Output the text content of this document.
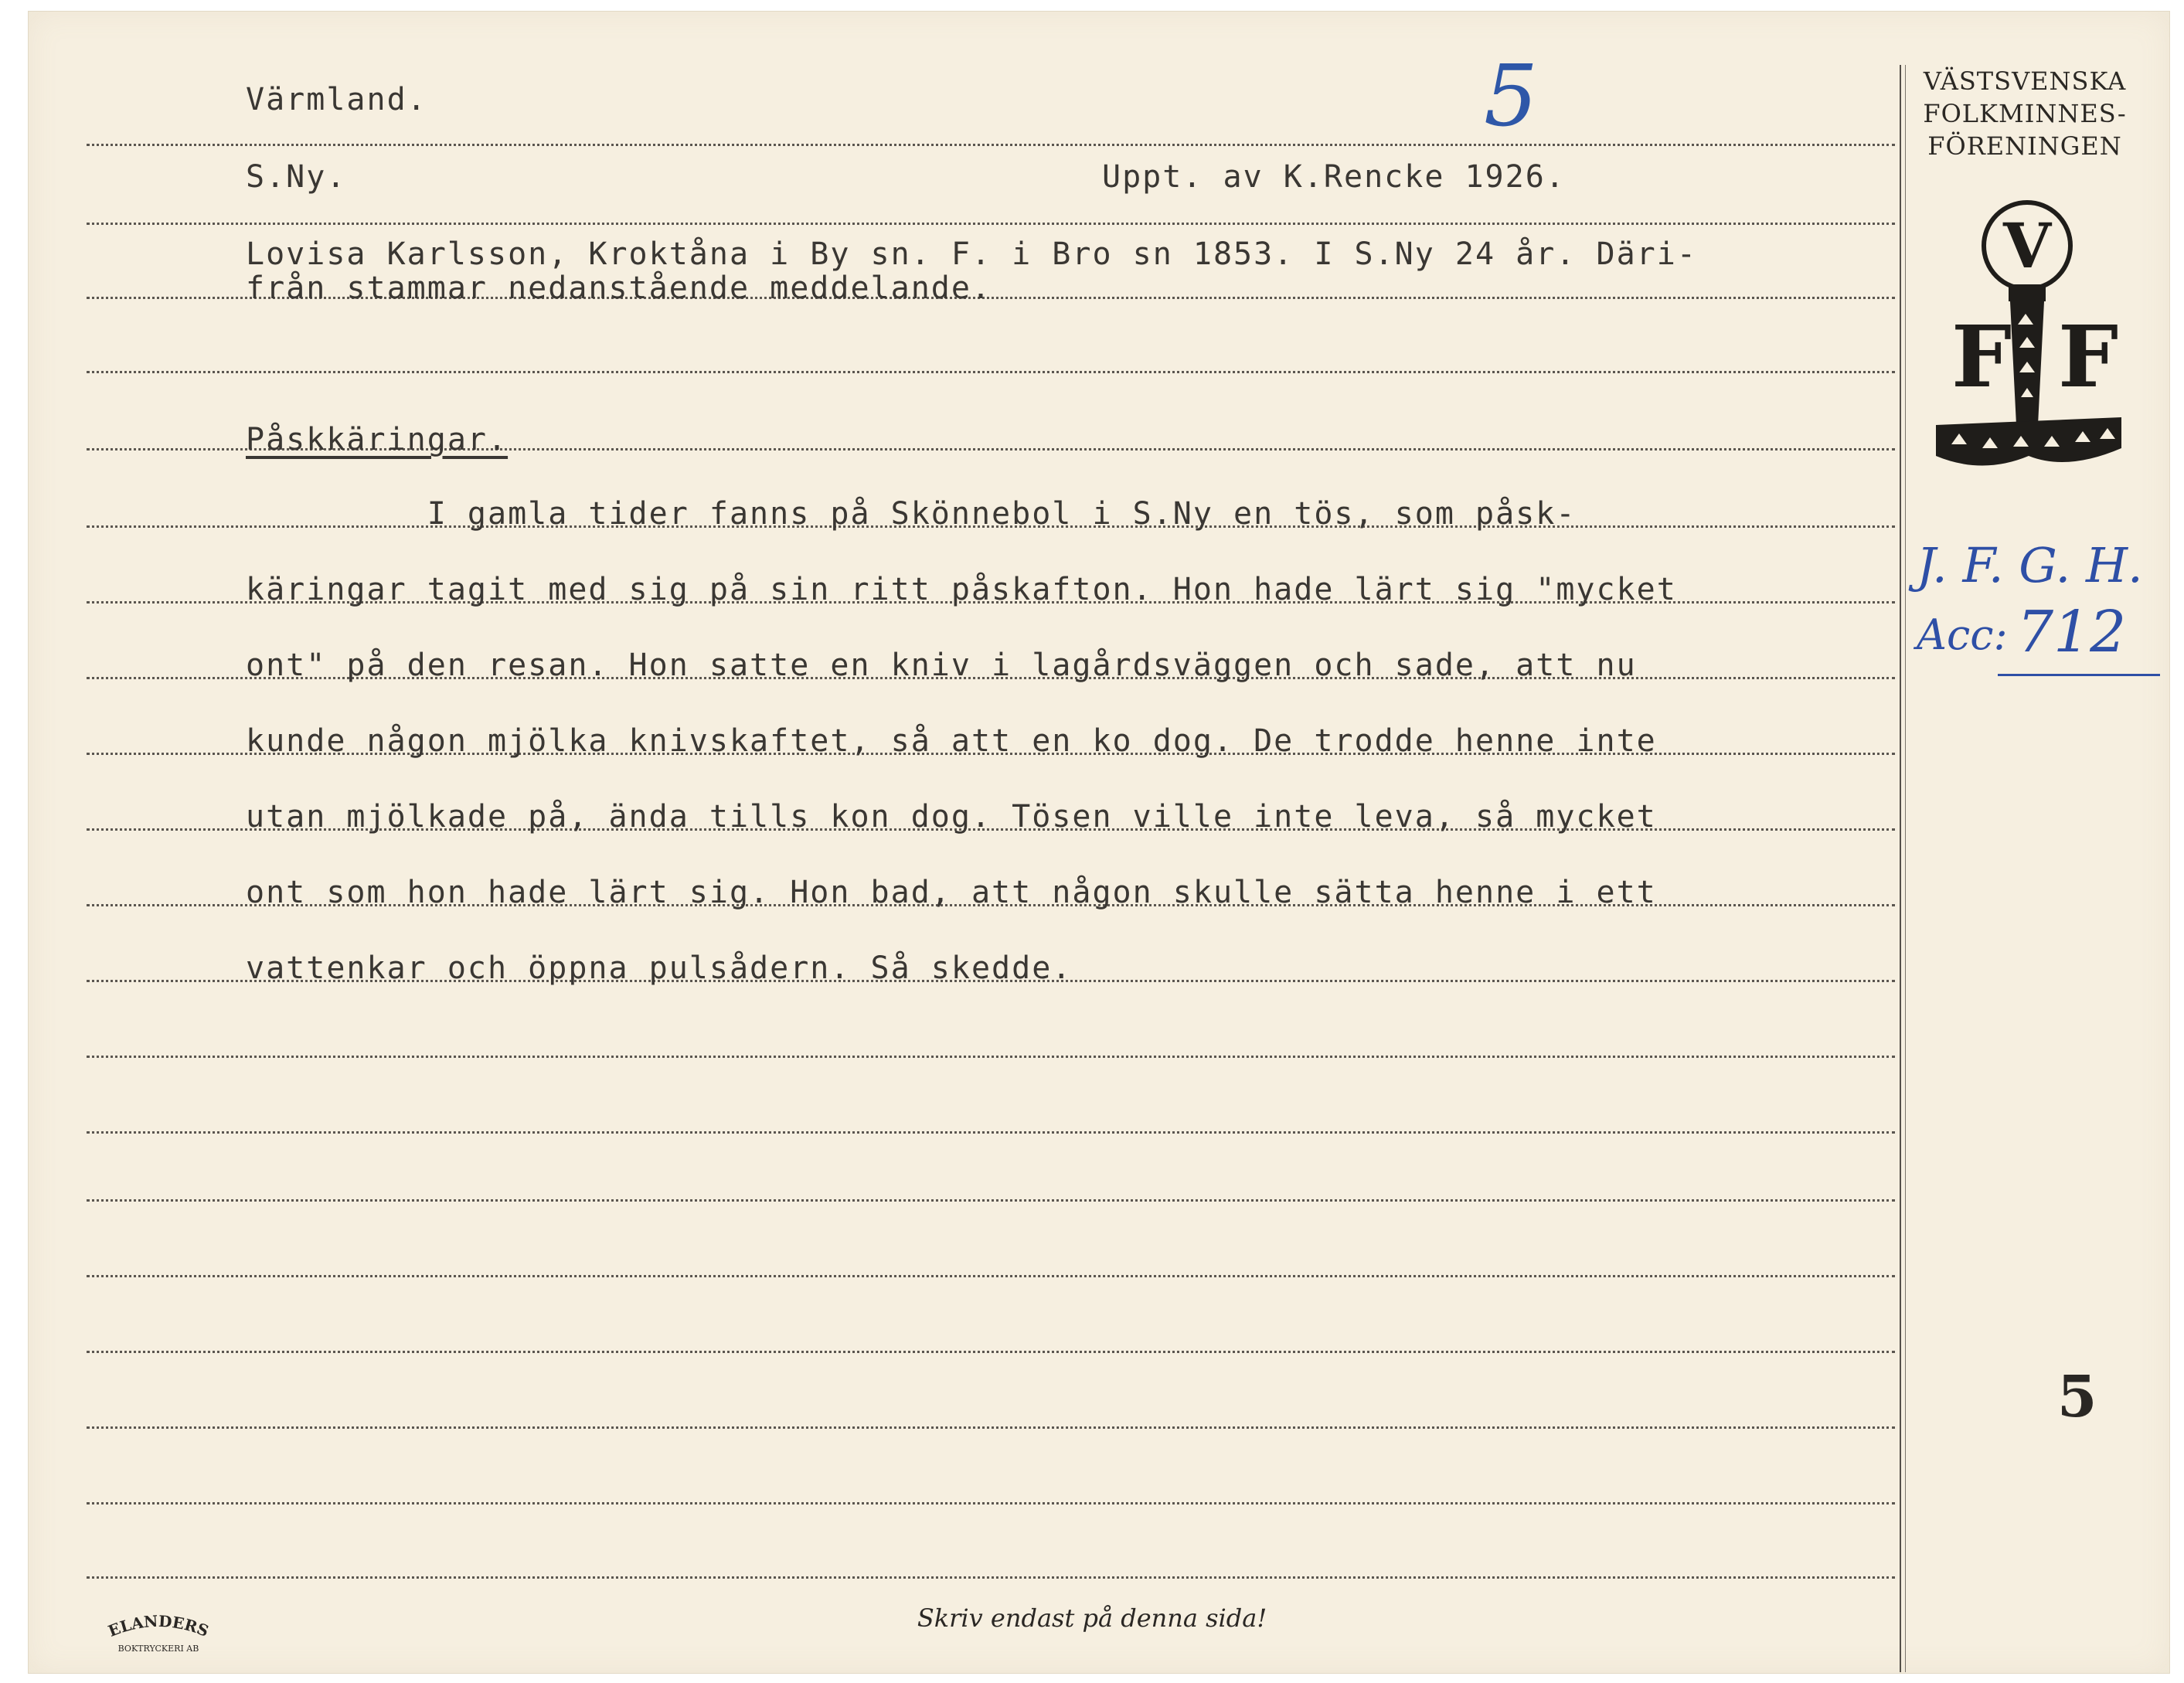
Värmland.	5
S.Ny.	Uppt. av K.Rencke 1926.
Lovisa Karlsson, Kroktåna i By sn. F. i Bro sn 1853. I S.Ny 24 år. Däri-
från stammar nedanstående meddelande.
Påskkäringar.
I gamla tider fanns på Skönnebol i S.Ny en tös, som påsk-
käringar tagit med sig på sin ritt påskafton. Hon hade lärt sig "mycket
ont" på den resan. Hon satte en kniv i lagårdsväggen och sade, att nu
kunde någon mjölka knivskaftet, så att en ko dog. De trodde henne inte
utan mjölkade på, ända tills kon dog. Tösen ville inte leva, så mycket
ont som hon hade lärt sig. Hon bad, att någon skulle sätta henne i ett
vattenkar och öppna pulsådern. Så skedde.
VÄSTSVENSKA
FOLKMINNES-
FÖRENINGEN
V
F F
J. F. G. H.
Acc: 712
5
ELANDERS
BOKTRYCKERI AB
Skriv endast på denna sida!
